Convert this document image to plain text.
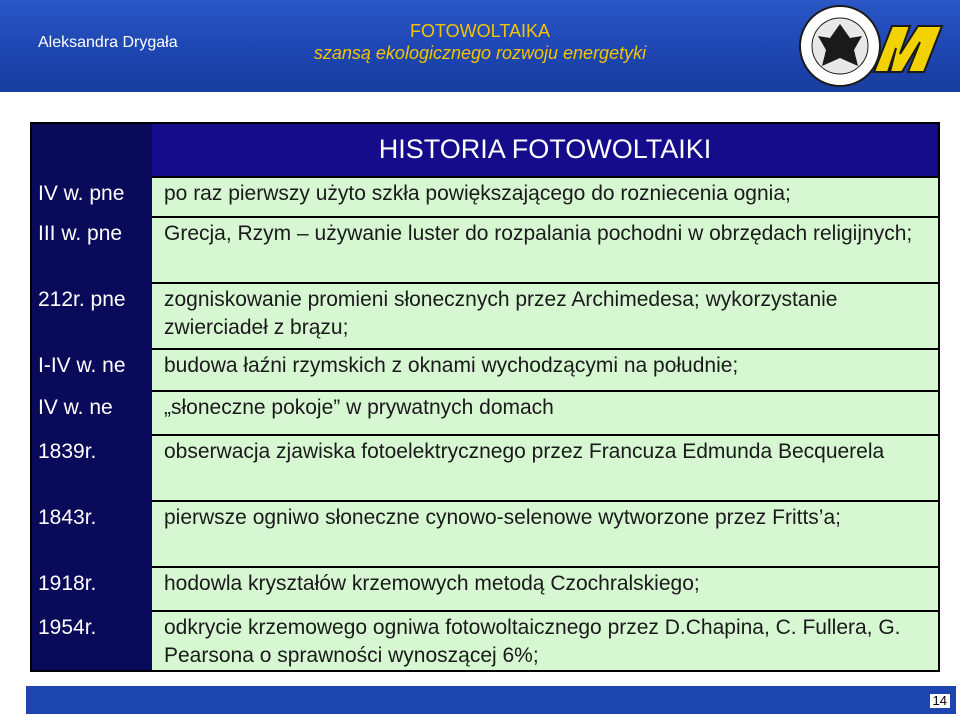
Aleksandra Drygała
FOTOWOLTAIKA
szansą ekologicznego rozwoju energetyki
HISTORIA FOTOWOLTAIKI
IV w. pne	po raz pierwszy użyto szkła powiększającego do rozniecenia ognia;
III w. pne	Grecja, Rzym – używanie luster do rozpalania pochodni w obrzędach religijnych;
212r. pne	zogniskowanie promieni słonecznych przez Archimedesa; wykorzystanie zwierciadeł z brązu;
I-IV w. ne	budowa łaźni rzymskich z oknami wychodzącymi na południe;
IV w. ne	„słoneczne pokoje” w prywatnych domach
1839r.	obserwacja zjawiska fotoelektrycznego przez Francuza Edmunda Becquerela
1843r.	pierwsze ogniwo słoneczne cynowo-selenowe wytworzone przez Fritts’a;
1918r.	hodowla kryształów krzemowych metodą Czochralskiego;
1954r.	odkrycie krzemowego ogniwa fotowoltaicznego przez D.Chapina, C. Fullera, G. Pearsona o sprawności wynoszącej 6%;
14
